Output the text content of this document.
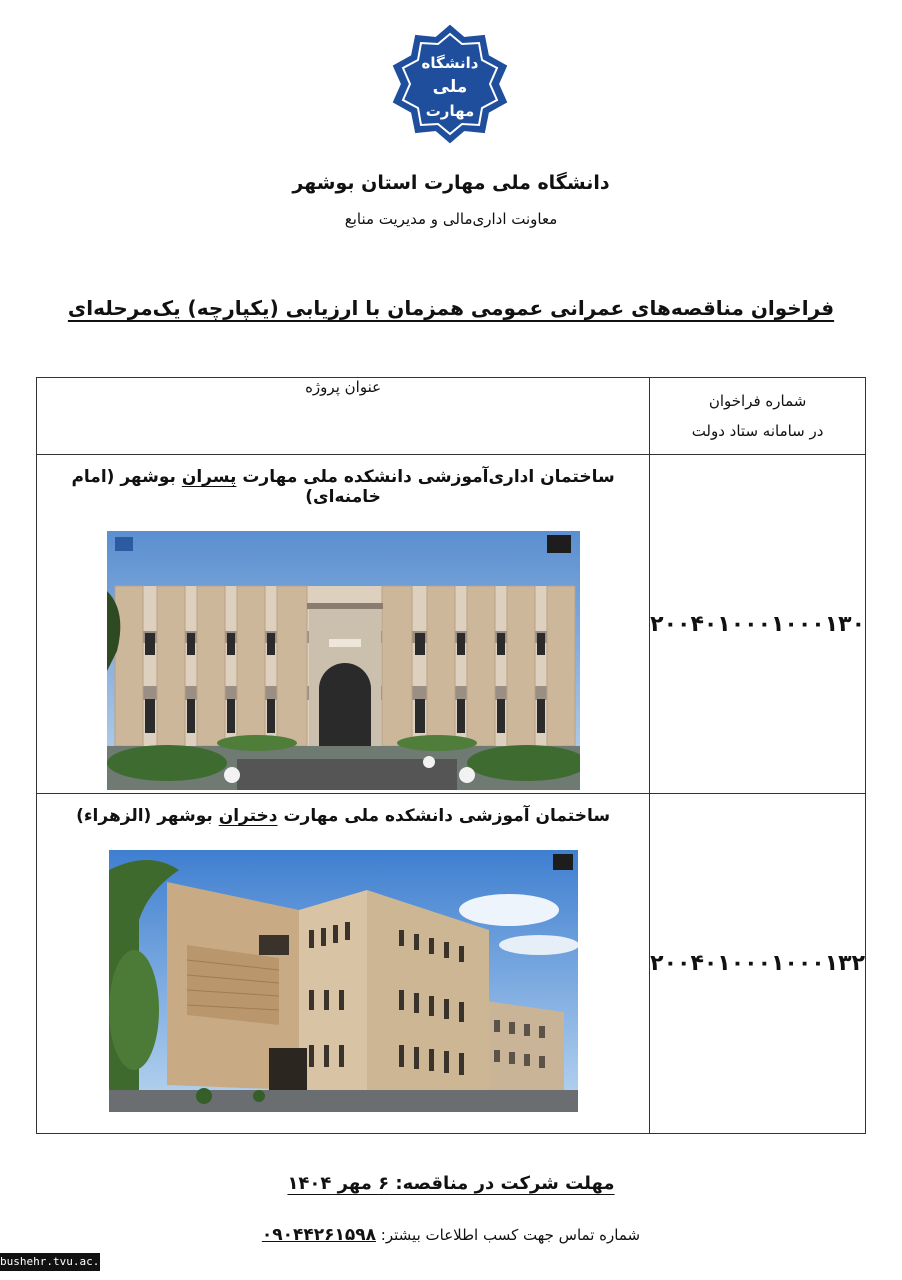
دانشگاه
ملی
مهارت
دانشگاه ملی مهارت استان بوشهر
معاونت اداری‌مالی و مدیریت منابع
فراخوان مناقصه‌های عمرانی عمومی همزمان با ارزیابی (یکپارچه) یک‌مرحله‌ای
شماره فراخوان
در سامانه ستاد دولت	عنوان پروژه
۲۰۰۴۰۱۰۰۰۱۰۰۰۱۳۰	ساختمان اداری‌آموزشی دانشکده ملی مهارت پسران بوشهر (امام خامنه‌ای)

۲۰۰۴۰۱۰۰۰۱۰۰۰۱۳۲	ساختمان آموزشی دانشکده ملی مهارت دختران بوشهر (الزهراء)
مهلت شرکت در مناقصه: ۶ مهر ۱۴۰۴
شماره تماس جهت کسب اطلاعات بیشتر: ۰۹۰۴۴۲۶۱۵۹۸
bushehr.tvu.ac.ir
